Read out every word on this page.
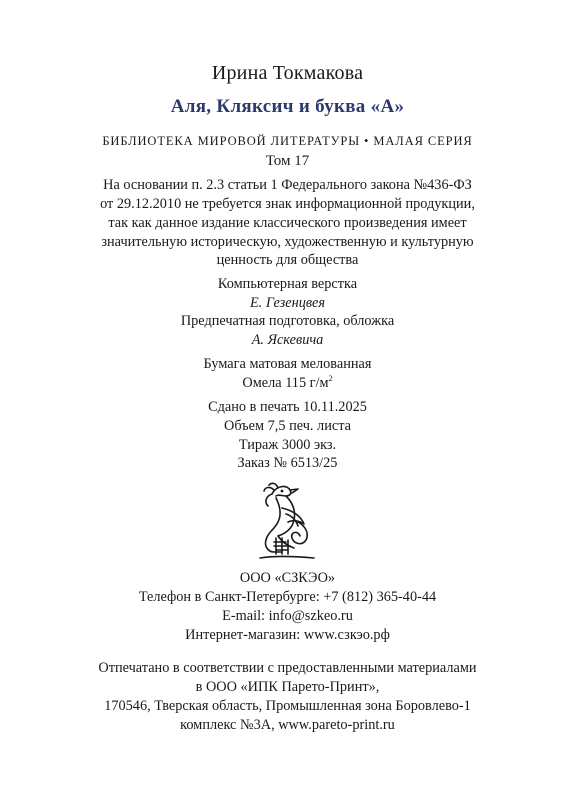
Ирина Токмакова
Аля, Кляксич и буква «А»
БИБЛИОТЕКА МИРОВОЙ ЛИТЕРАТУРЫ • МАЛАЯ СЕРИЯ
Том 17
На основании п. 2.3 статьи 1 Федерального закона №436-ФЗ
от 29.12.2010 не требуется знак информационной продукции,
так как данное издание классического произведения имеет
значительную историческую, художественную и культурную
ценность для общества
Компьютерная верстка
Е. Гезенцвея
Предпечатная подготовка, обложка
А. Яскевича
Бумага матовая мелованная
Омела 115 $г/м^2$
Сдано в печать 10.11.2025
Объем 7,5 печ. листа
Тираж 3000 экз.
Заказ № 6513/25
ООО «СЗКЭО»
Телефон в Санкт-Петербурге: +7 (812) 365-40-44
E-mail: info@szkeo.ru
Интернет-магазин: www.сзкэо.рф
Отпечатано в соответствии с предоставленными материалами
в ООО «ИПК Парето-Принт»,
170546, Тверская область, Промышленная зона Боровлево-1
комплекс №3А, www.pareto-print.ru
